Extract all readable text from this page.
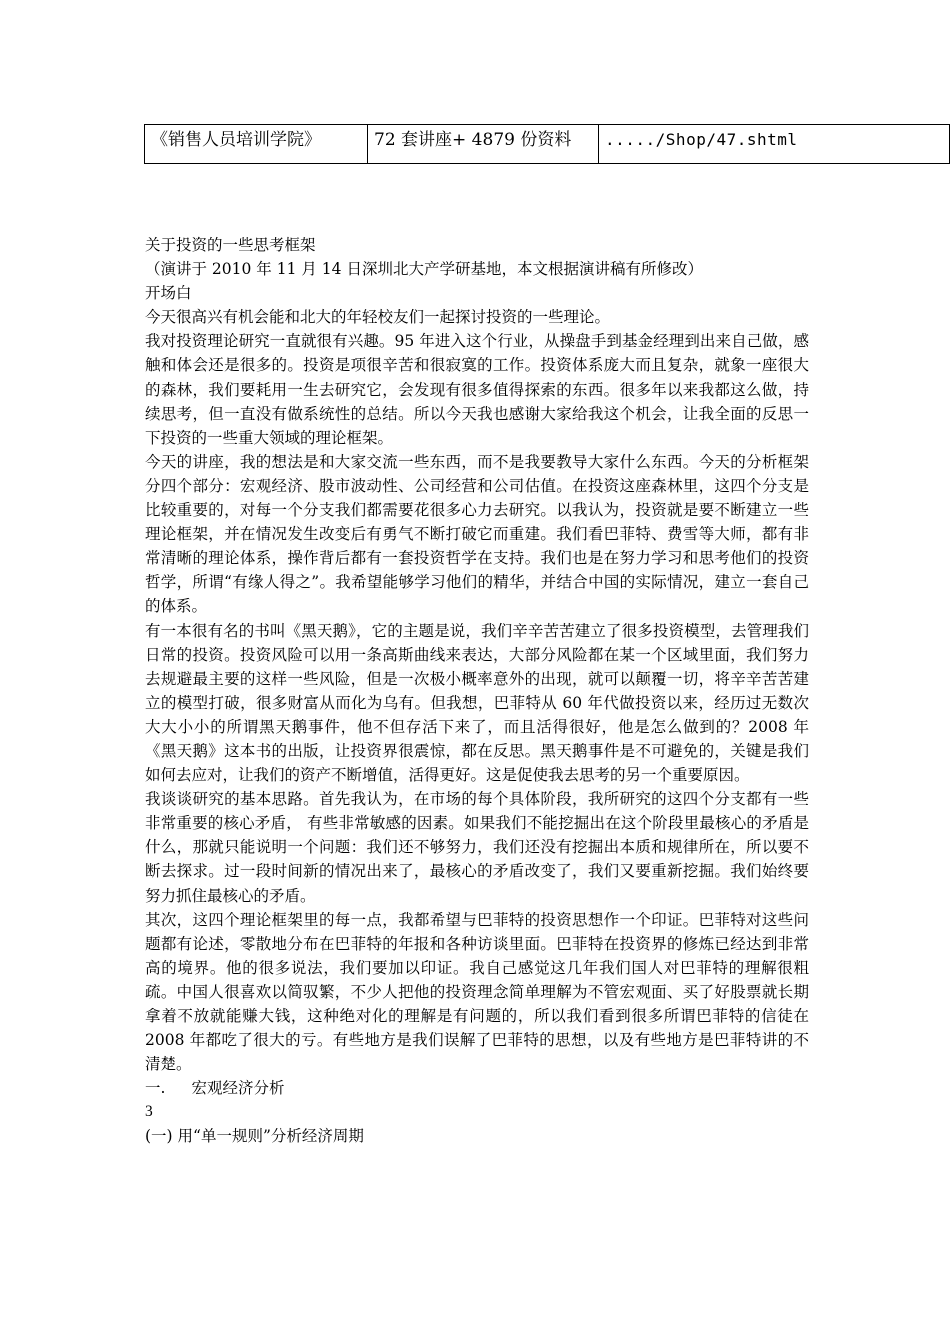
《销售人员培训学院》	72 套讲座+ 4879 份资料	...../Shop/47.shtml

关于投资的一些思考框架

（演讲于 2010 年 11 月 14 日深圳北大产学研基地，本文根据演讲稿有所修改）

开场白

今天很高兴有机会能和北大的年轻校友们一起探讨投资的一些理论。

我对投资理论研究一直就很有兴趣。95 年进入这个行业，从操盘手到基金经理到出来自己做，感触和体会还是很多的。投资是项很辛苦和很寂寞的工作。投资体系庞大而且复杂，就象一座很大的森林，我们要耗用一生去研究它，会发现有很多值得探索的东西。很多年以来我都这么做，持续思考，但一直没有做系统性的总结。所以今天我也感谢大家给我这个机会，让我全面的反思一下投资的一些重大领域的理论框架。

今天的讲座，我的想法是和大家交流一些东西，而不是我要教导大家什么东西。今天的分析框架分四个部分：宏观经济、股市波动性、公司经营和公司估值。在投资这座森林里，这四个分支是比较重要的，对每一个分支我们都需要花很多心力去研究。以我认为，投资就是要不断建立一些理论框架，并在情况发生改变后有勇气不断打破它而重建。我们看巴菲特、费雪等大师，都有非常清晰的理论体系，操作背后都有一套投资哲学在支持。我们也是在努力学习和思考他们的投资哲学，所谓“有缘人得之”。我希望能够学习他们的精华，并结合中国的实际情况，建立一套自己的体系。

有一本很有名的书叫《黑天鹅》，它的主题是说，我们辛辛苦苦建立了很多投资模型，去管理我们日常的投资。投资风险可以用一条高斯曲线来表达，大部分风险都在某一个区域里面，我们努力去规避最主要的这样一些风险，但是一次极小概率意外的出现，就可以颠覆一切，将辛辛苦苦建立的模型打破，很多财富从而化为乌有。但我想，巴菲特从 60 年代做投资以来，经历过无数次大大小小的所谓黑天鹅事件，他不但存活下来了，而且活得很好，他是怎么做到的？2008 年《黑天鹅》这本书的出版，让投资界很震惊，都在反思。黑天鹅事件是不可避免的，关键是我们如何去应对，让我们的资产不断增值，活得更好。这是促使我去思考的另一个重要原因。

我谈谈研究的基本思路。首先我认为，在市场的每个具体阶段，我所研究的这四个分支都有一些非常重要的核心矛盾， 有些非常敏感的因素。如果我们不能挖掘出在这个阶段里最核心的矛盾是什么，那就只能说明一个问题：我们还不够努力，我们还没有挖掘出本质和规律所在，所以要不断去探求。过一段时间新的情况出来了，最核心的矛盾改变了，我们又要重新挖掘。我们始终要努力抓住最核心的矛盾。

其次，这四个理论框架里的每一点，我都希望与巴菲特的投资思想作一个印证。巴菲特对这些问题都有论述，零散地分布在巴菲特的年报和各种访谈里面。巴菲特在投资界的修炼已经达到非常高的境界。他的很多说法，我们要加以印证。我自己感觉这几年我们国人对巴菲特的理解很粗疏。中国人很喜欢以简驭繁，不少人把他的投资理念简单理解为不管宏观面、买了好股票就长期拿着不放就能赚大钱，这种绝对化的理解是有问题的，所以我们看到很多所谓巴菲特的信徒在 2008 年都吃了很大的亏。有些地方是我们误解了巴菲特的思想，以及有些地方是巴菲特讲的不清楚。

一. 宏观经济分析

3

(一) 用“单一规则”分析经济周期
